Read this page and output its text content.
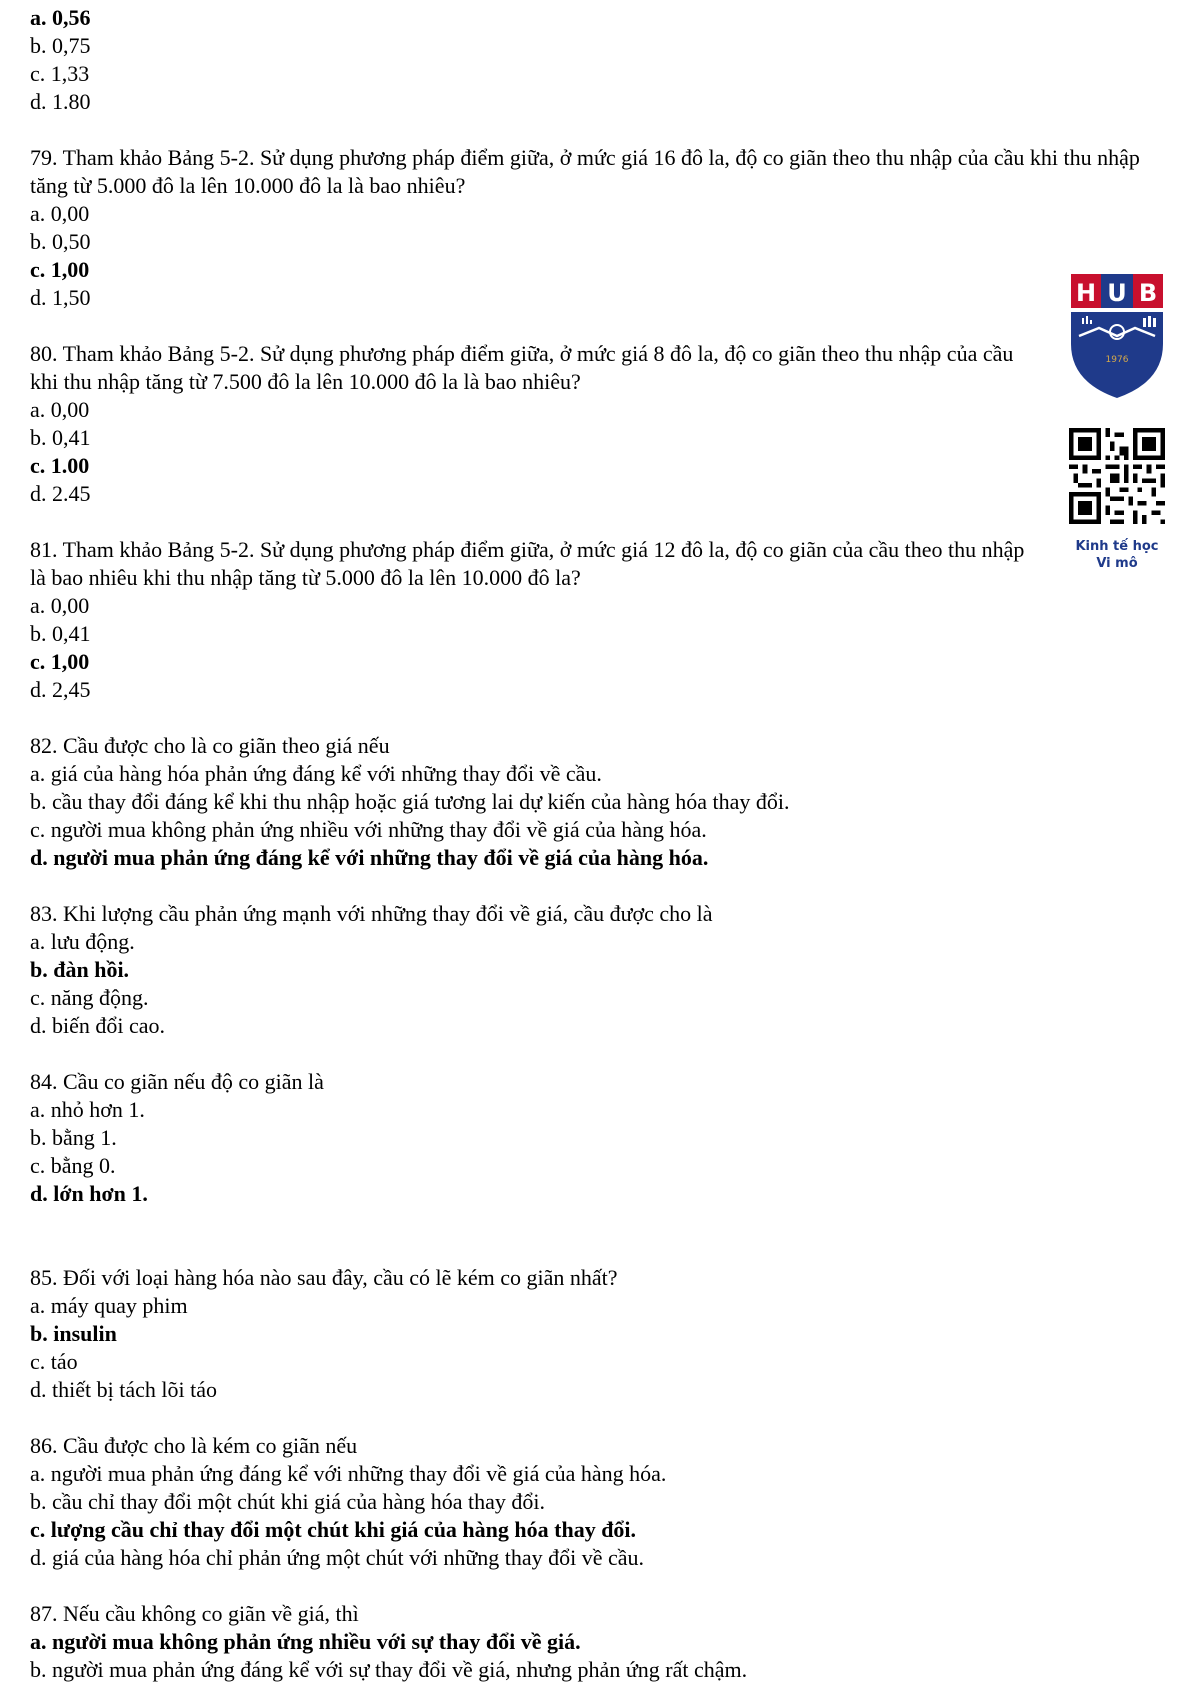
a. 0,56
b. 0,75
c. 1,33
d. 1.80
79. Tham khảo Bảng 5-2. Sử dụng phương pháp điểm giữa, ở mức giá 16 đô la, độ co giãn theo thu nhập của cầu khi thu nhập tăng từ 5.000 đô la lên 10.000 đô la là bao nhiêu?
a. 0,00
b. 0,50
c. 1,00
d. 1,50
80. Tham khảo Bảng 5-2. Sử dụng phương pháp điểm giữa, ở mức giá 8 đô la, độ co giãn theo thu nhập của cầu khi thu nhập tăng từ 7.500 đô la lên 10.000 đô la là bao nhiêu?
a. 0,00
b. 0,41
c. 1.00
d. 2.45
81. Tham khảo Bảng 5-2. Sử dụng phương pháp điểm giữa, ở mức giá 12 đô la, độ co giãn của cầu theo thu nhập là bao nhiêu khi thu nhập tăng từ 5.000 đô la lên 10.000 đô la?
a. 0,00
b. 0,41
c. 1,00
d. 2,45
82. Cầu được cho là co giãn theo giá nếu
a. giá của hàng hóa phản ứng đáng kể với những thay đổi về cầu.
b. cầu thay đổi đáng kể khi thu nhập hoặc giá tương lai dự kiến của hàng hóa thay đổi.
c. người mua không phản ứng nhiều với những thay đổi về giá của hàng hóa.
d. người mua phản ứng đáng kể với những thay đổi về giá của hàng hóa.
83. Khi lượng cầu phản ứng mạnh với những thay đổi về giá, cầu được cho là
a. lưu động.
b. đàn hồi.
c. năng động.
d. biến đổi cao.
84. Cầu co giãn nếu độ co giãn là
a. nhỏ hơn 1.
b. bằng 1.
c. bằng 0.
d. lớn hơn 1.
85. Đối với loại hàng hóa nào sau đây, cầu có lẽ kém co giãn nhất?
a. máy quay phim
b. insulin
c. táo
d. thiết bị tách lõi táo
86. Cầu được cho là kém co giãn nếu
a. người mua phản ứng đáng kể với những thay đổi về giá của hàng hóa.
b. cầu chỉ thay đổi một chút khi giá của hàng hóa thay đổi.
c. lượng cầu chỉ thay đổi một chút khi giá của hàng hóa thay đổi.
d. giá của hàng hóa chỉ phản ứng một chút với những thay đổi về cầu.
87. Nếu cầu không co giãn về giá, thì
a. người mua không phản ứng nhiều với sự thay đổi về giá.
b. người mua phản ứng đáng kể với sự thay đổi về giá, nhưng phản ứng rất chậm.
H U B
1976
Kinh tế học
Vi mô
